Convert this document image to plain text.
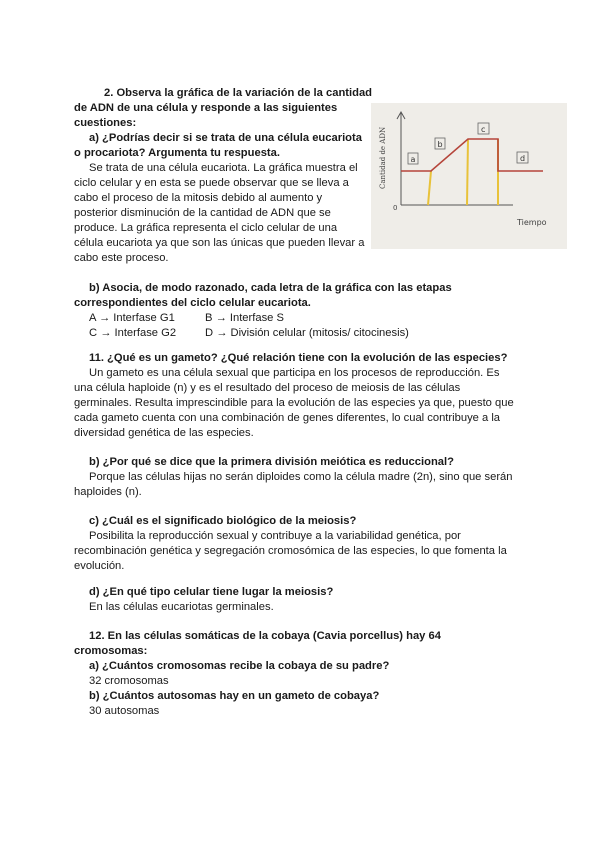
2. Observa la gráfica de la variación de la cantidad
de ADN de una célula y responde a las siguientes
cuestiones:
a) ¿Podrías decir si se trata de una célula eucariota
o procariota? Argumenta tu respuesta.
Se trata de una célula eucariota. La gráfica muestra el
ciclo celular y en esta se puede observar que se lleva a
cabo el proceso de la mitosis debido al aumento y
posterior disminución de la cantidad de ADN que se
produce. La gráfica representa el ciclo celular de una
célula eucariota ya que son las únicas que pueden llevar a
cabo este proceso.
a
b
c
d
Cantidad de ADN
0
Tiempo
b) Asocia, de modo razonado, cada letra de la gráfica con las etapas
correspondientes del ciclo celular eucariota.
A → Interfase G1	B → Interfase S
C → Interfase G2	D → División celular (mitosis/ citocinesis)
11. ¿Qué es un gameto? ¿Qué relación tiene con la evolución de las especies?
Un gameto es una célula sexual que participa en los procesos de reproducción. Es
una célula haploide (n) y es el resultado del proceso de meiosis de las células
germinales. Resulta imprescindible para la evolución de las especies ya que, puesto que
cada gameto cuenta con una combinación de genes diferentes, lo cual contribuye a la
diversidad genética de las especies.
b) ¿Por qué se dice que la primera división meiótica es reduccional?
Porque las células hijas no serán diploides como la célula madre (2n), sino que serán
haploides (n).
c) ¿Cuál es el significado biológico de la meiosis?
Posibilita la reproducción sexual y contribuye a la variabilidad genética, por
recombinación genética y segregación cromosómica de las especies, lo que fomenta la
evolución.
d) ¿En qué tipo celular tiene lugar la meiosis?
En las células eucariotas germinales.
12. En las células somáticas de la cobaya (Cavia porcellus) hay 64
cromosomas:
a) ¿Cuántos cromosomas recibe la cobaya de su padre?
32 cromosomas
b) ¿Cuántos autosomas hay en un gameto de cobaya?
30 autosomas
